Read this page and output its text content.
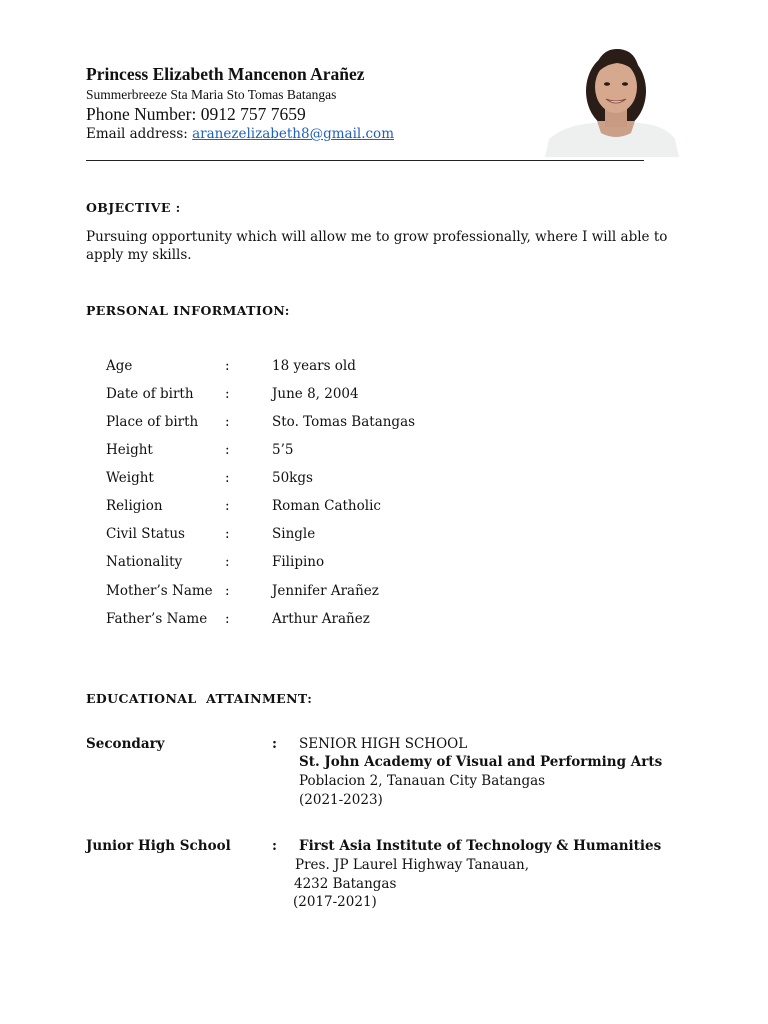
Princess Elizabeth Mancenon Arañez
Summerbreeze Sta Maria Sto Tomas Batangas
Phone Number: 0912 757 7659
Email address: aranezelizabeth8@gmail.com
OBJECTIVE :
Pursuing opportunity which will allow me to grow professionally, where I will able to apply my skills.
PERSONAL INFORMATION:
Age	:	18 years old
Date of birth :	June 8, 2004
Place of birth :	Sto. Tomas Batangas
Height	:	5’5
Weight	:	50kgs
Religion	:	Roman Catholic
Civil Status	:	Single
Nationality	:	Filipino
Mother’s Name :	Jennifer Arañez
Father’s Name :	Arthur Arañez
EDUCATIONAL  ATTAINMENT:
Secondary	: SENIOR HIGH SCHOOL
St. John Academy of Visual and Performing Arts
Poblacion 2, Tanauan City Batangas
(2021-2023)
Junior High School	: First Asia Institute of Technology & Humanities
Pres. JP Laurel Highway Tanauan,
4232 Batangas
(2017-2021)
